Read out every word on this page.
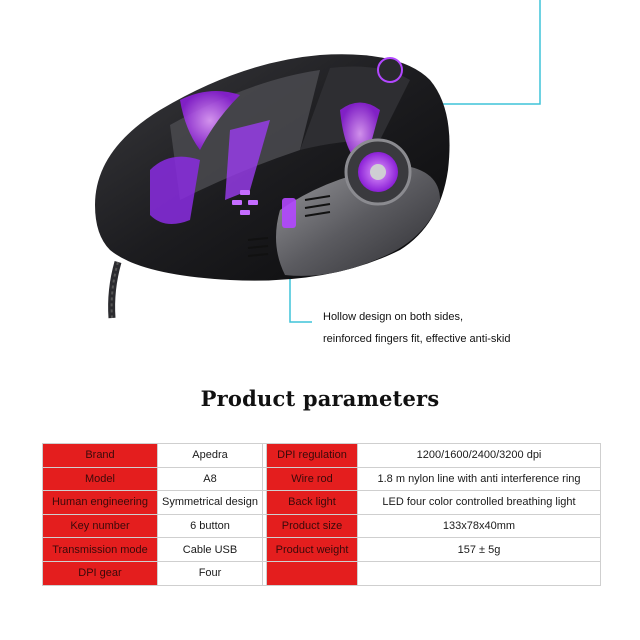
Hollow design on both sides,
reinforced fingers fit, effective anti-skid
Product parameters
Brand	Apedra		DPI regulation	1200/1600/2400/3200 dpi
Model	A8		Wire rod	1.8 m nylon line with anti interference ring
Human engineering	Symmetrical design		Back light	LED four color controlled breathing light
Key number	6 button		Product size	133x78x40mm
Transmission mode	Cable USB		Product weight	157 ± 5g
DPI gear	Four			
